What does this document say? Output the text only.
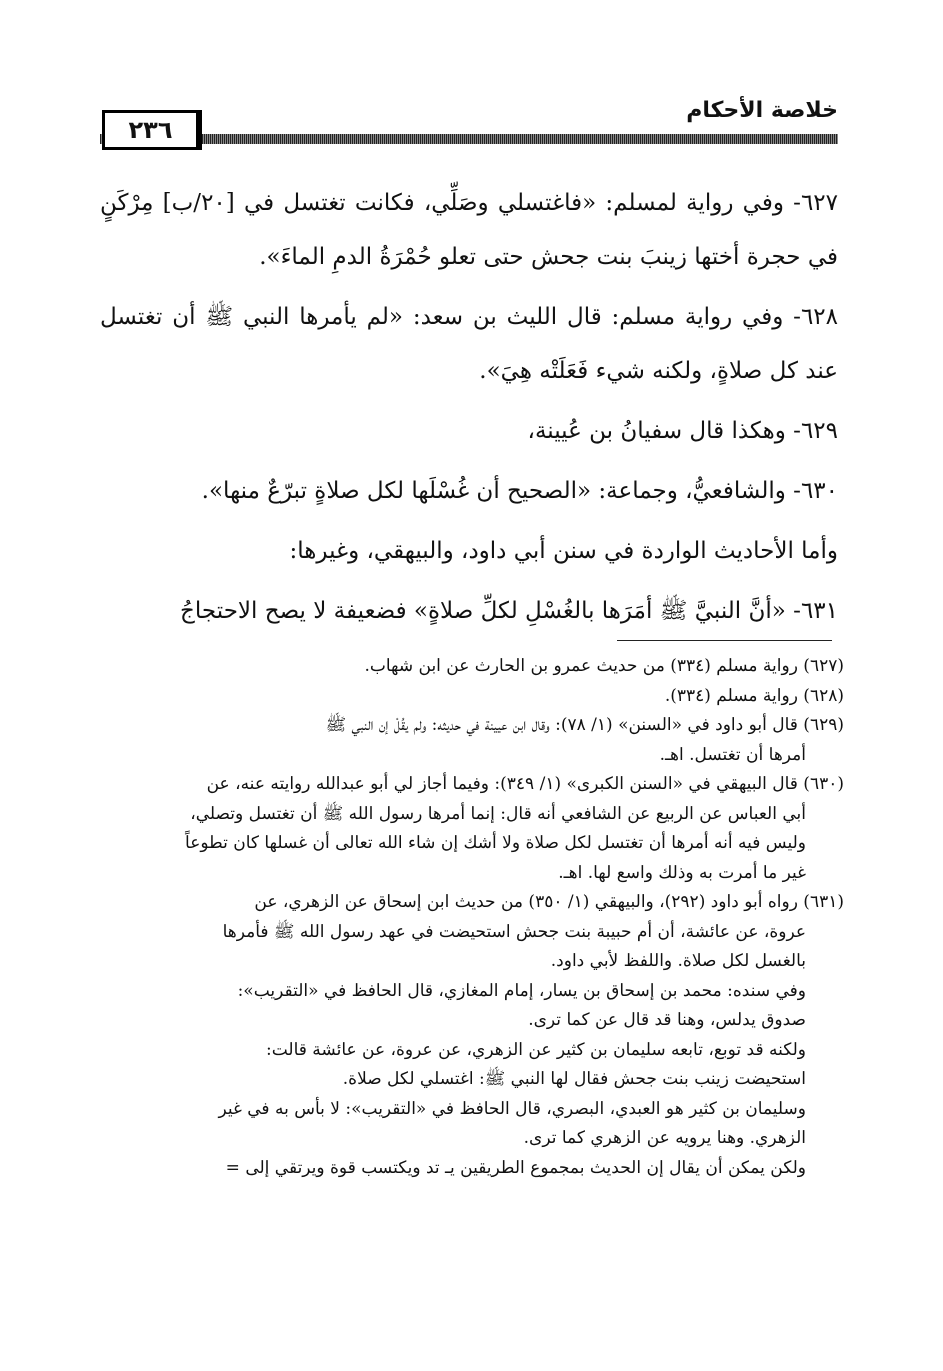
٢٣٦
خلاصة الأحكام

٦٢٧- وفي رواية لمسلم: «فاغتسلي وصَلِّي، فكانت تغتسل في [٢٠/ب] مِرْكَنٍ في حجرة أختها زينبَ بنت جحش حتى تعلو حُمْرَةُ الدمِ الماءَ».

٦٢٨- وفي رواية مسلم: قال الليث بن سعد: «لم يأمرها النبي ﷺ أن تغتسل عند كل صلاةٍ، ولكنه شيء فَعَلَتْه هِيَ».

٦٢٩- وهكذا قال سفيانُ بن عُيينة،

٦٣٠- والشافعيُّ، وجماعة: «الصحيح أن غُسْلَها لكل صلاةٍ تبرّعٌ منها».

وأما الأحاديث الواردة في سنن أبي داود، والبيهقي، وغيرها:

٦٣١- «أنَّ النبيَّ ﷺ أمَرَها بالغُسْلِ لكلِّ صلاةٍ» فضعيفة لا يصح الاحتجاجُ

(٦٢٧) رواية مسلم (٣٣٤) من حديث عمرو بن الحارث عن ابن شهاب.

(٦٢٨) رواية مسلم (٣٣٤).

(٦٢٩) قال أبو داود في «السنن» (١/ ٧٨): وقال ابن عيينة في حديثه: ولم يقُلْ إن النبي ﷺ
أمرها أن تغتسل. اهـ.

(٦٣٠) قال البيهقي في «السنن الكبرى» (١/ ٣٤٩): وفيما أجاز لي أبو عبدالله روايته عنه، عن
أبي العباس عن الربيع عن الشافعي أنه قال: إنما أمرها رسول الله ﷺ أن تغتسل وتصلي،
وليس فيه أنه أمرها أن تغتسل لكل صلاة ولا أشك إن شاء الله تعالى أن غسلها كان تطوعاً
غير ما أمرت به وذلك واسع لها. اهـ.

(٦٣١) رواه أبو داود (٢٩٢)، والبيهقي (١/ ٣٥٠) من حديث ابن إسحاق عن الزهري، عن
عروة، عن عائشة، أن أم حبيبة بنت جحش استحيضت في عهد رسول الله ﷺ فأمرها
بالغسل لكل صلاة. واللفظ لأبي داود.

وفي سنده: محمد بن إسحاق بن يسار، إمام المغازي، قال الحافظ في «التقريب»:

صدوق يدلس، وهنا قد قال عن كما ترى.

ولكنه قد توبع، تابعه سليمان بن كثير عن الزهري، عن عروة، عن عائشة قالت:

استحيضت زينب بنت جحش فقال لها النبي ﷺ: اغتسلي لكل صلاة.

وسليمان بن كثير هو العبدي، البصري، قال الحافظ في «التقريب»: لا بأس به في غير

الزهري. وهنا يرويه عن الزهري كما ترى.

ولكن يمكن أن يقال إن الحديث بمجموع الطريقين يـ تد ويكتسب قوة ويرتقي إلى =
